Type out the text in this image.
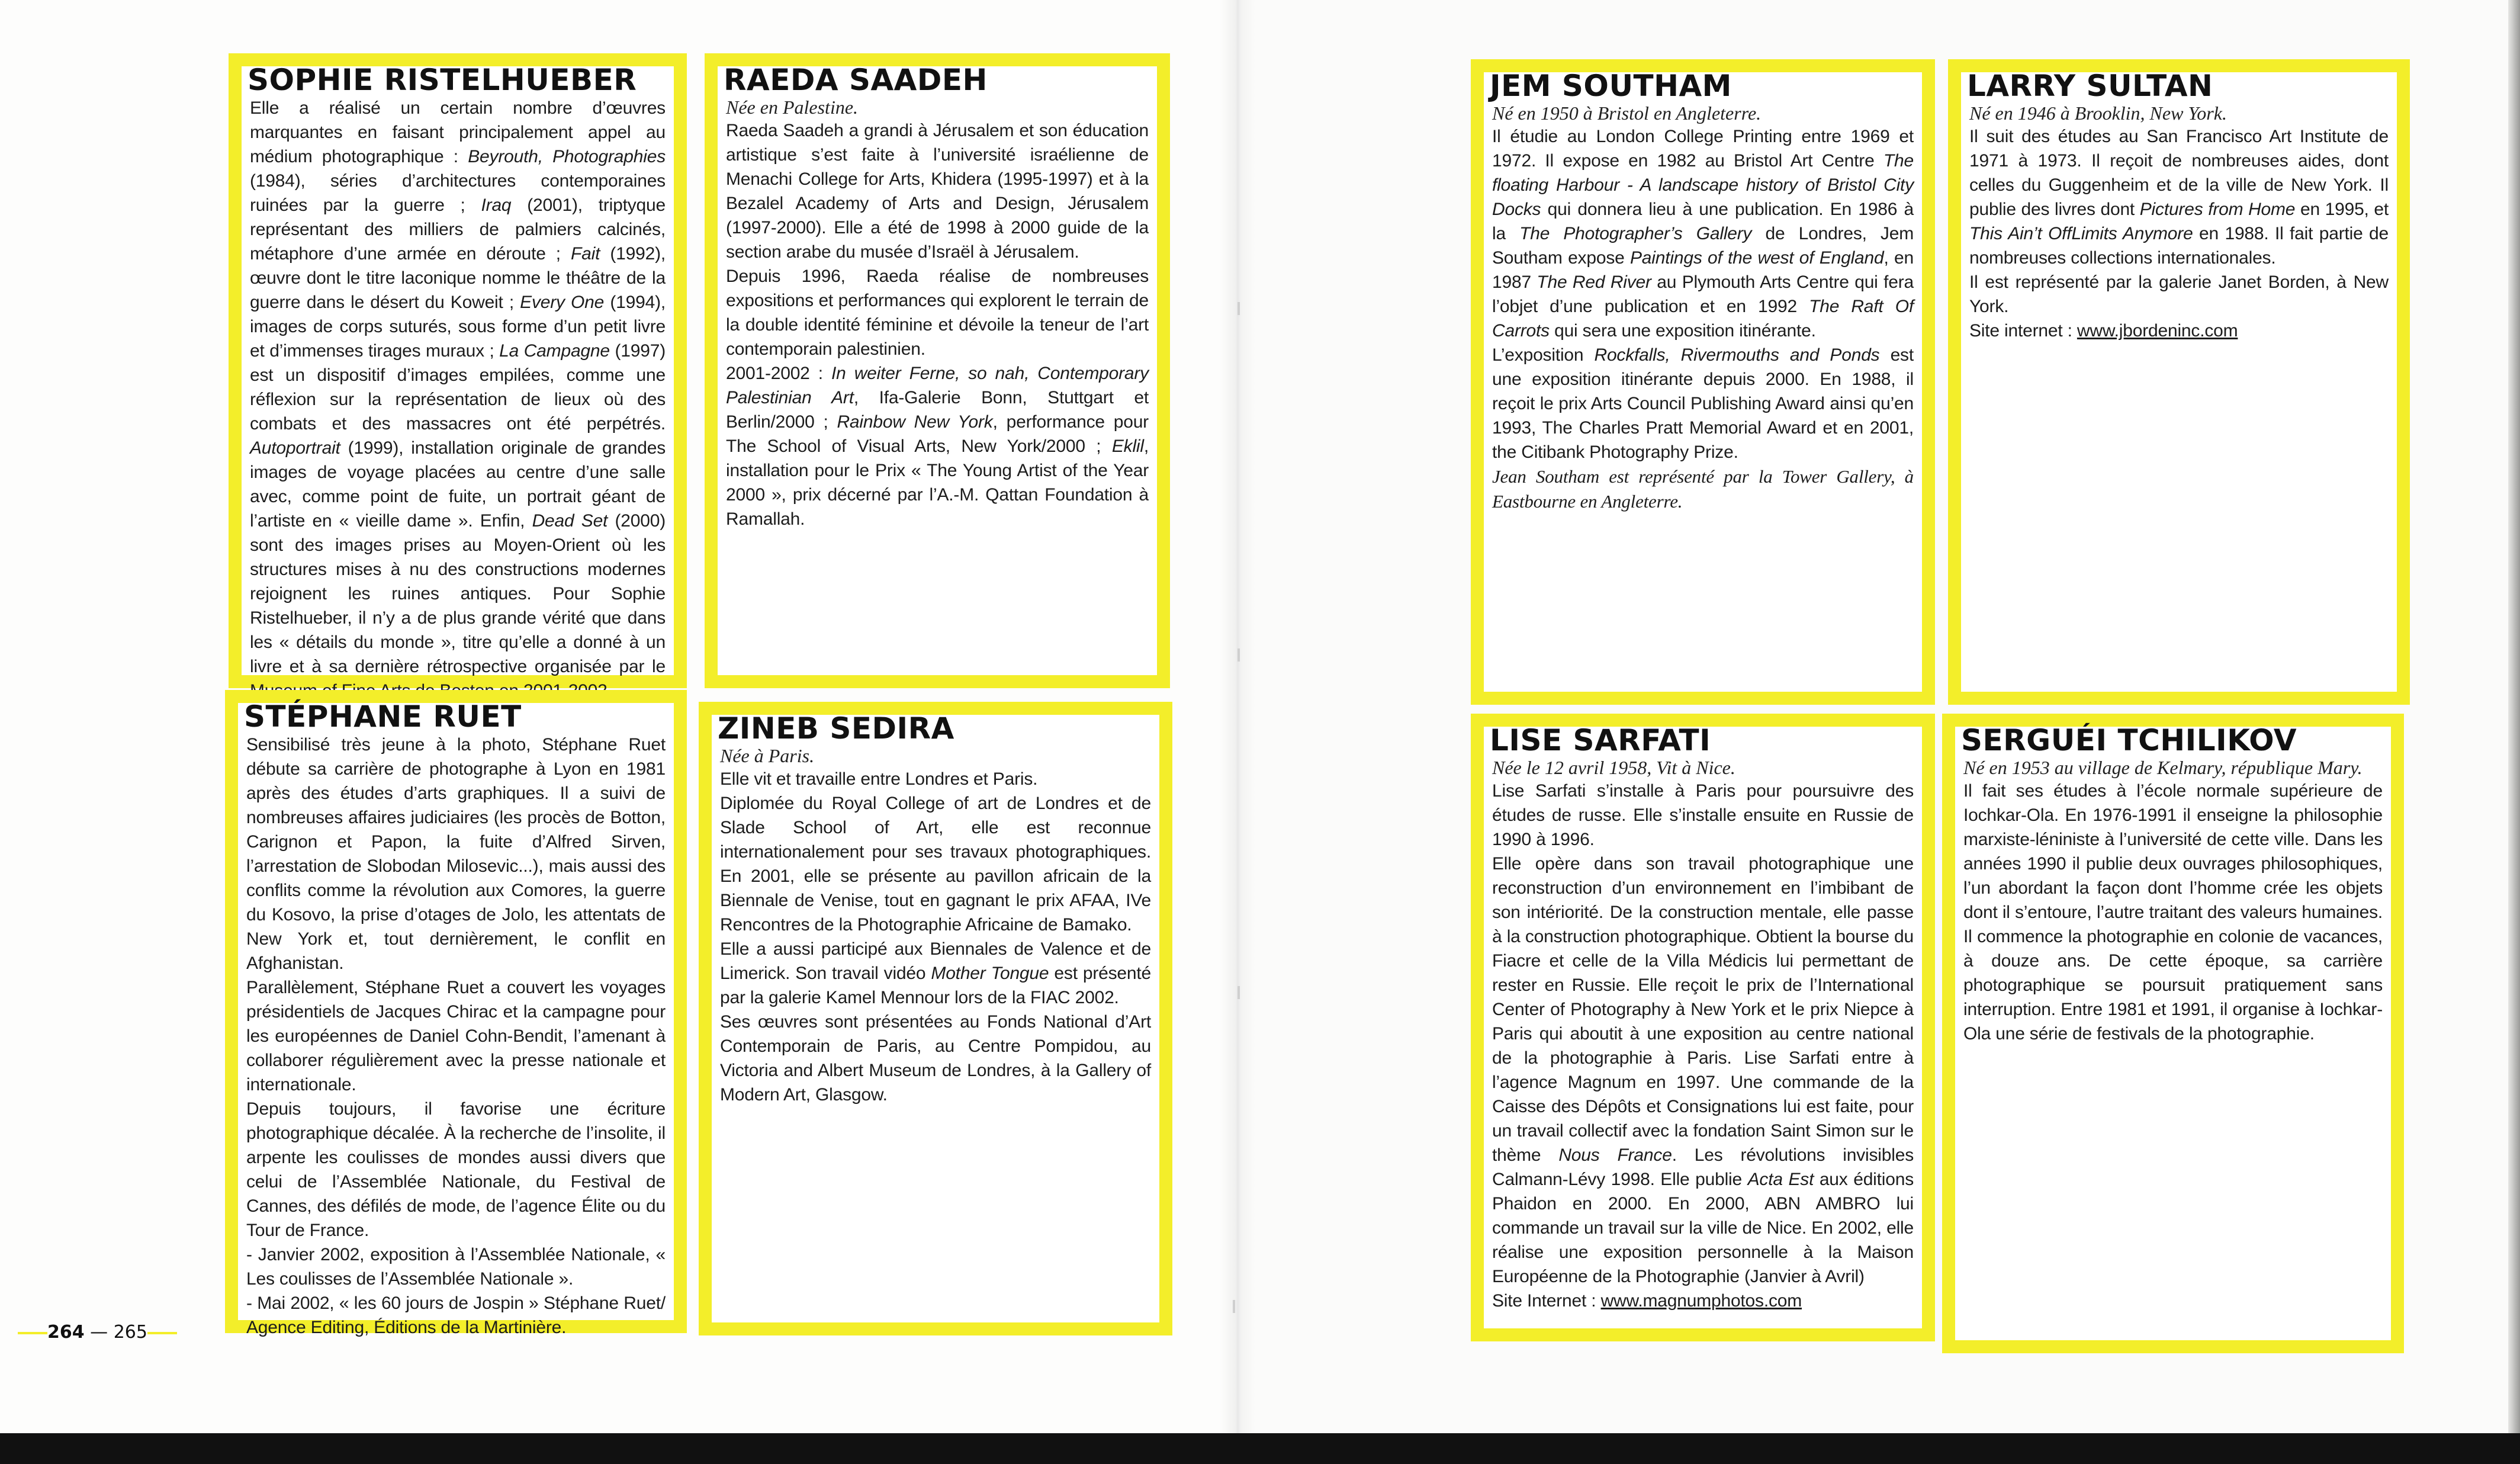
SOPHIE RISTELHUEBER

Elle a réalisé un certain nombre d’œuvres marquantes en faisant principalement appel au médium photographique : Beyrouth, Photographies (1984), séries d’architectures contemporaines ruinées par la guerre ; Iraq (2001), triptyque représentant des milliers de palmiers calcinés, métaphore d’une armée en déroute ; Fait (1992), œuvre dont le titre laconique nomme le théâtre de la guerre dans le désert du Koweit ; Every One (1994), images de corps suturés, sous forme d’un petit livre et d’immenses tirages muraux ; La Campagne (1997) est un dispositif d’images empilées, comme une réflexion sur la représentation de lieux où des combats et des massacres ont été perpétrés. Autoportrait (1999), installation originale de grandes images de voyage placées au centre d’une salle avec, comme point de fuite, un portrait géant de l’artiste en « vieille dame ». Enfin, Dead Set (2000) sont des images prises au Moyen-Orient où les structures mises à nu des constructions modernes rejoignent les ruines antiques. Pour Sophie Ristelhueber, il n’y a de plus grande vérité que dans les « détails du monde », titre qu’elle a donné à un livre et à sa dernière rétrospective organisée par le

RAEDA SAADEH
Née en Palestine.

Raeda Saadeh a grandi à Jérusalem et son éducation artistique s’est faite à l’université israélienne de Menachi College for Arts, Khidera (1995-1997) et à la Bezalel Academy of Arts and Design, Jérusalem (1997-2000). Elle a été de 1998 à 2000 guide de la section arabe du musée d’Israël à Jérusalem.

Depuis 1996, Raeda réalise de nombreuses expositions et performances qui explorent le terrain de la double identité féminine et dévoile la teneur de l’art contemporain palestinien.

2001-2002 : In weiter Ferne, so nah, Contemporary Palestinian Art, Ifa-Galerie Bonn, Stuttgart et Berlin/2000 ; Rainbow New York, performance pour The School of Visual Arts, New York/2000 ; Eklil, installation pour le Prix « The Young Artist of the Year 2000 », prix décerné par l’A.-M. Qattan Foundation à Ramallah.

STÉPHANE RUET

Sensibilisé très jeune à la photo, Stéphane Ruet débute sa carrière de photographe à Lyon en 1981 après des études d’arts graphiques. Il a suivi de nombreuses affaires judiciaires (les procès de Botton, Carignon et Papon, la fuite d’Alfred Sirven, l’arrestation de Slobodan Milosevic...), mais aussi des conflits comme la révolution aux Comores, la guerre du Kosovo, la prise d’otages de Jolo, les attentats de New York et, tout dernièrement, le conflit en Afghanistan.

Parallèlement, Stéphane Ruet a couvert les voyages présidentiels de Jacques Chirac et la campagne pour les européennes de Daniel Cohn-Bendit, l’amenant à collaborer régulièrement avec la presse nationale et internationale.

Depuis toujours, il favorise une écriture photographique décalée. À la recherche de l’insolite, il arpente les coulisses de mondes aussi divers que celui de l’Assemblée Nationale, du Festival de Cannes, des défilés de mode, de l’agence Élite ou du Tour de France.

- Janvier 2002, exposition à l’Assemblée Nationale, « Les coulisses de l’Assemblée Nationale ».

- Mai 2002, « les 60 jours de Jospin » Stéphane Ruet/ Agence Editing, Éditions de la Martinière.

ZINEB SEDIRA
Née à Paris.

Elle vit et travaille entre Londres et Paris.

Diplomée du Royal College of art de Londres et de Slade School of Art, elle est reconnue internationalement pour ses travaux photographiques. En 2001, elle se présente au pavillon africain de la Biennale de Venise, tout en gagnant le prix AFAA, IVe Rencontres de la Photographie Africaine de Bamako.

Elle a aussi participé aux Biennales de Valence et de Limerick. Son travail vidéo Mother Tongue est présenté par la galerie Kamel Mennour lors de la FIAC 2002.

Ses œuvres sont présentées au Fonds National d’Art Contemporain de Paris, au Centre Pompidou, au Victoria and Albert Museum de Londres, à la Gallery of Modern Art, Glasgow.

JEM SOUTHAM
Né en 1950 à Bristol en Angleterre.

Il étudie au London College Printing entre 1969 et 1972. Il expose en 1982 au Bristol Art Centre The floating Harbour - A landscape history of Bristol City Docks qui donnera lieu à une publication. En 1986 à la The Photographer’s Gallery de Londres, Jem Southam expose Paintings of the west of England, en 1987 The Red River au Plymouth Arts Centre qui fera l’objet d’une publication et en 1992 The Raft Of Carrots qui sera une exposition itinérante.

L’exposition Rockfalls, Rivermouths and Ponds est une exposition itinérante depuis 2000. En 1988, il reçoit le prix Arts Council Publishing Award ainsi qu’en 1993, The Charles Pratt Memorial Award et en 2001, the Citibank Photography Prize.

Jean Southam est représenté par la Tower Gallery, à Eastbourne en Angleterre.

LARRY SULTAN
Né en 1946 à Brooklin, New York.

Il suit des études au San Francisco Art Institute de 1971 à 1973. Il reçoit de nombreuses aides, dont celles du Guggenheim et de la ville de New York. Il publie des livres dont Pictures from Home en 1995, et This Ain’t OffLimits Anymore en 1988. Il fait partie de nombreuses collections internationales.

Il est représenté par la galerie Janet Borden, à New York.

Site internet : www.jbordeninc.com

LISE SARFATI
Née le 12 avril 1958, Vit à Nice.

Lise Sarfati s’installe à Paris pour poursuivre des études de russe. Elle s’installe ensuite en Russie de 1990 à 1996.

Elle opère dans son travail photographique une reconstruction d’un environnement en l’imbibant de son intériorité. De la construction mentale, elle passe à la construction photographique. Obtient la bourse du Fiacre et celle de la Villa Médicis lui permettant de rester en Russie. Elle reçoit le prix de l’International Center of Photography à New York et le prix Niepce à Paris qui aboutit à une exposition au centre national de la photographie à Paris. Lise Sarfati entre à l’agence Magnum en 1997. Une commande de la Caisse des Dépôts et Consignations lui est faite, pour un travail collectif avec la fondation Saint Simon sur le thème Nous France. Les révolutions invisibles Calmann-Lévy 1998. Elle publie Acta Est aux éditions Phaidon en 2000. En 2000, ABN AMBRO lui commande un travail sur la ville de Nice. En 2002, elle réalise une exposition personnelle à la Maison Européenne de la Photographie (Janvier à Avril)

Site Internet : www.magnumphotos.com

SERGUÉI TCHILIKOV
Né en 1953 au village de Kelmary, république Mary.

Il fait ses études à l’école normale supérieure de Iochkar-Ola. En 1976-1991 il enseigne la philosophie marxiste-léniniste à l’université de cette ville. Dans les années 1990 il publie deux ouvrages philosophiques, l’un abordant la façon dont l’homme crée les objets dont il s’entoure, l’autre traitant des valeurs humaines. Il commence la photographie en colonie de vacances, à douze ans. De cette époque, sa carrière photographique se poursuit pratiquement sans interruption. Entre 1981 et 1991, il organise à Iochkar-Ola une série de festivals de la photographie.

264 — 265
